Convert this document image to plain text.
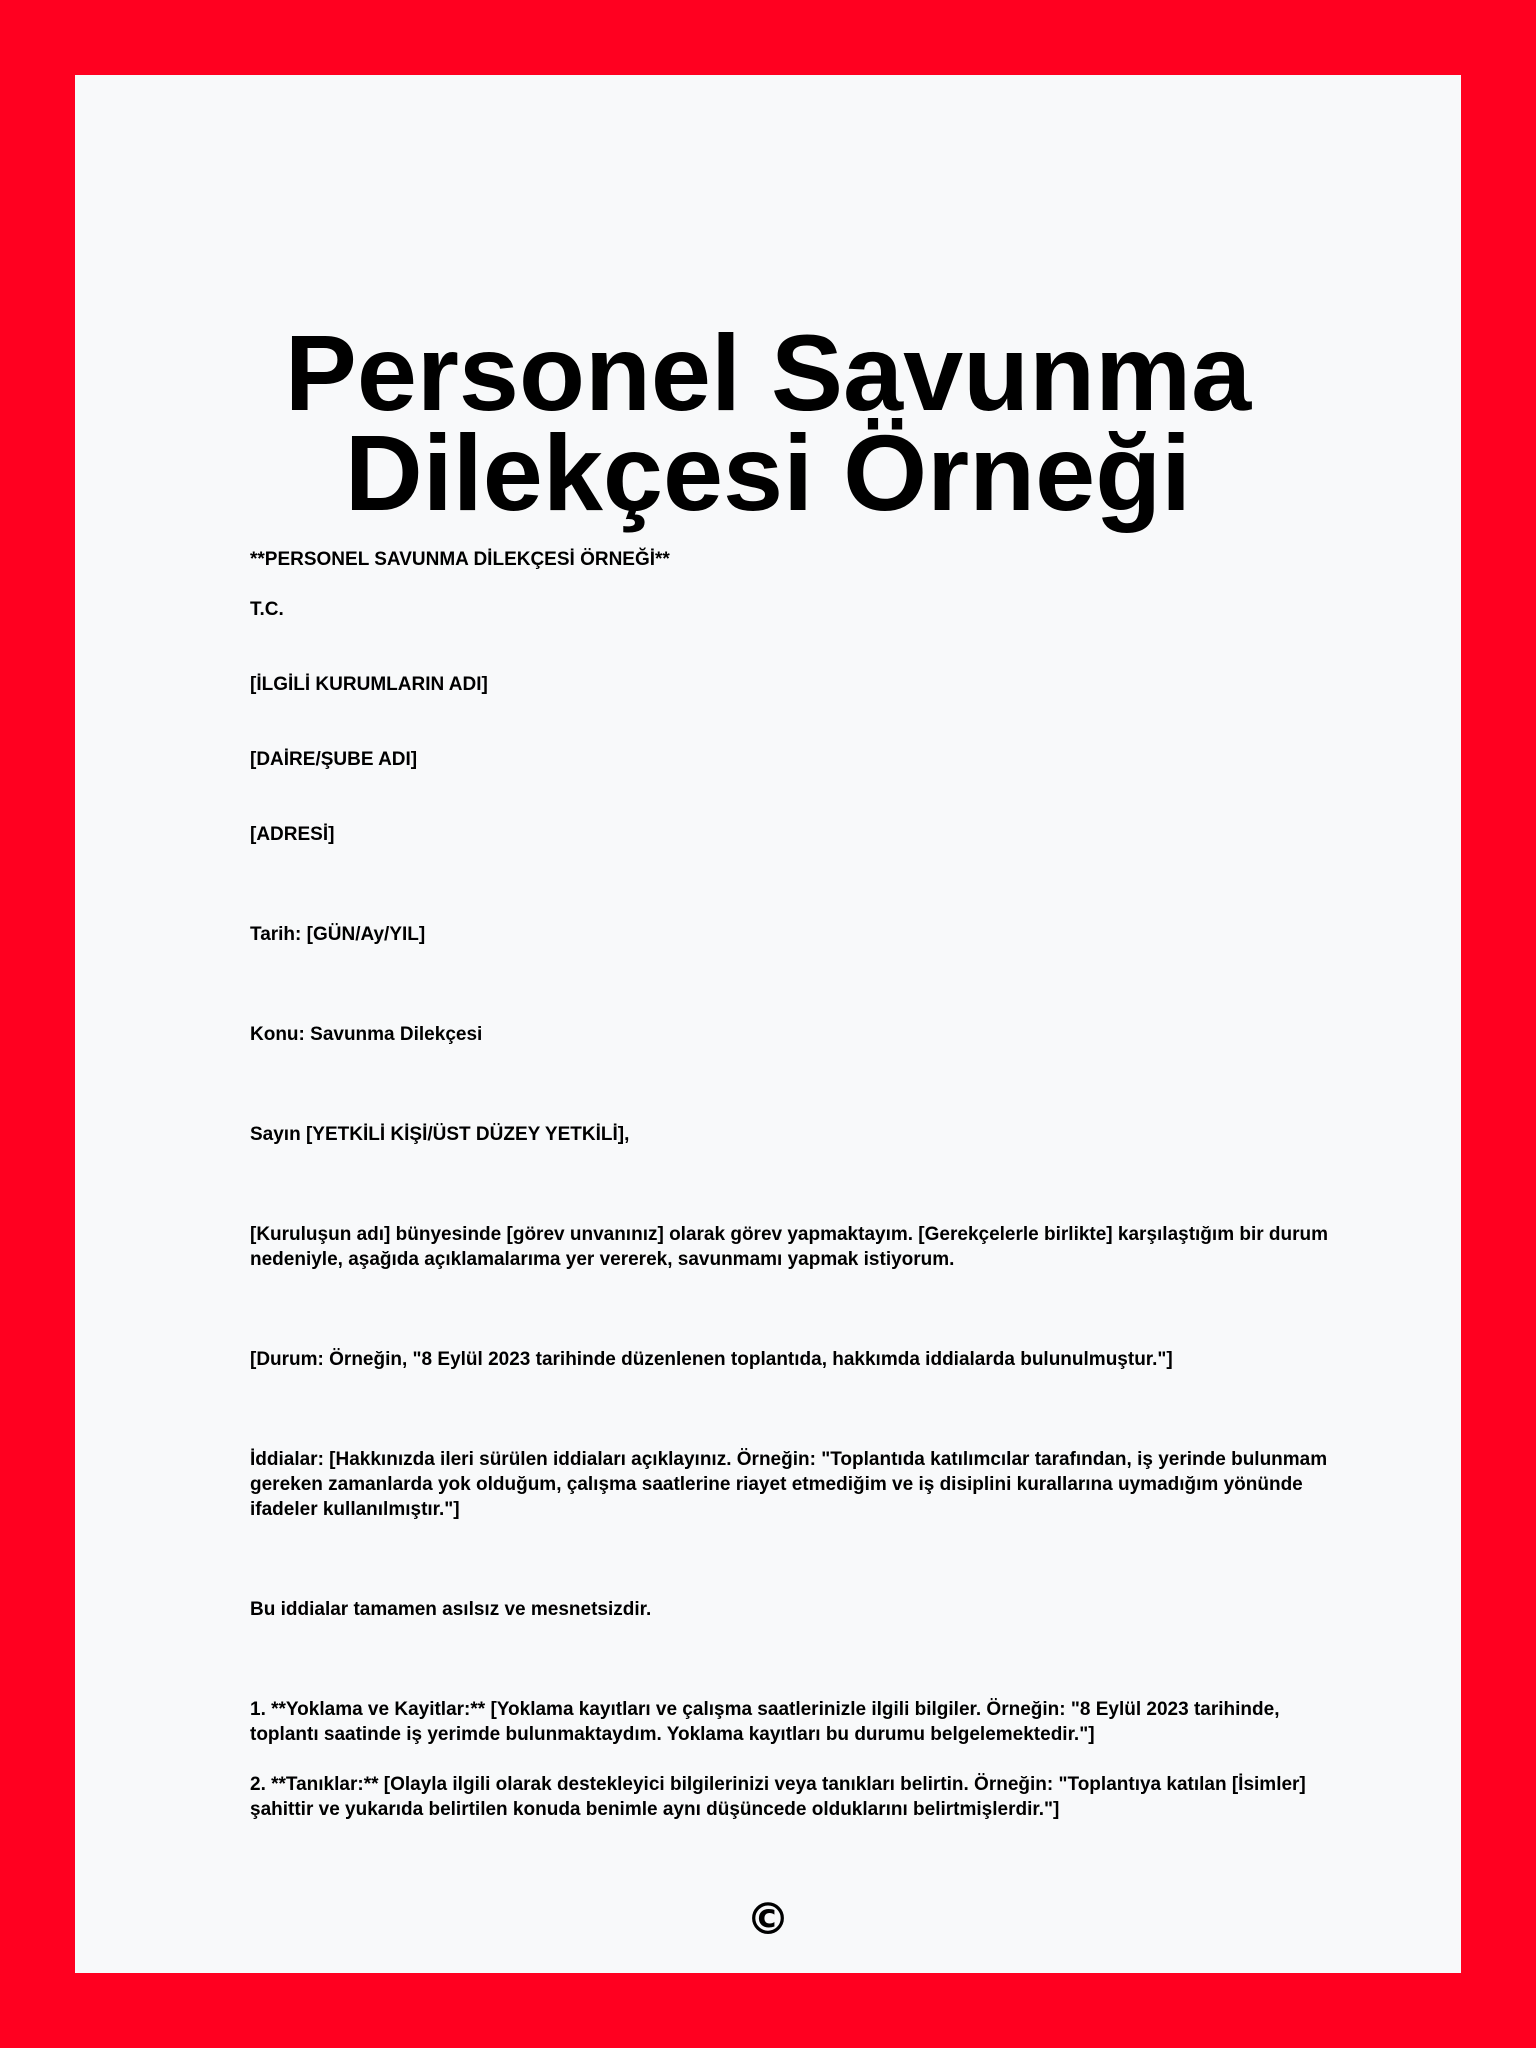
Personel Savunma Dilekçesi Örneği

**PERSONEL SAVUNMA DİLEKÇESİ ÖRNEĞİ**

T.C.

[İLGİLİ KURUMLARIN ADI]

[DAİRE/ŞUBE ADI]

[ADRESİ]

Tarih: [GÜN/Ay/YIL]

Konu: Savunma Dilekçesi

Sayın [YETKİLİ KİŞİ/ÜST DÜZEY YETKİLİ],

[Kuruluşun adı] bünyesinde [görev unvanınız] olarak görev yapmaktayım. [Gerekçelerle birlikte] karşılaştığım bir durum nedeniyle, aşağıda açıklamalarıma yer vererek, savunmamı yapmak istiyorum.

[Durum: Örneğin, "8 Eylül 2023 tarihinde düzenlenen toplantıda, hakkımda iddialarda bulunulmuştur."]

İddialar: [Hakkınızda ileri sürülen iddiaları açıklayınız. Örneğin: "Toplantıda katılımcılar tarafından, iş yerinde bulunmam gereken zamanlarda yok olduğum, çalışma saatlerine riayet etmediğim ve iş disiplini kurallarına uymadığım yönünde ifadeler kullanılmıştır."]

Bu iddialar tamamen asılsız ve mesnetsizdir.

1. **Yoklama ve Kayitlar:** [Yoklama kayıtları ve çalışma saatlerinizle ilgili bilgiler. Örneğin: "8 Eylül 2023 tarihinde, toplantı saatinde iş yerimde bulunmaktaydım. Yoklama kayıtları bu durumu belgelemektedir."]

2. **Tanıklar:** [Olayla ilgili olarak destekleyici bilgilerinizi veya tanıkları belirtin. Örneğin: "Toplantıya katılan [İsimler] şahittir ve yukarıda belirtilen konuda benimle aynı düşüncede olduklarını belirtmişlerdir."]

©
